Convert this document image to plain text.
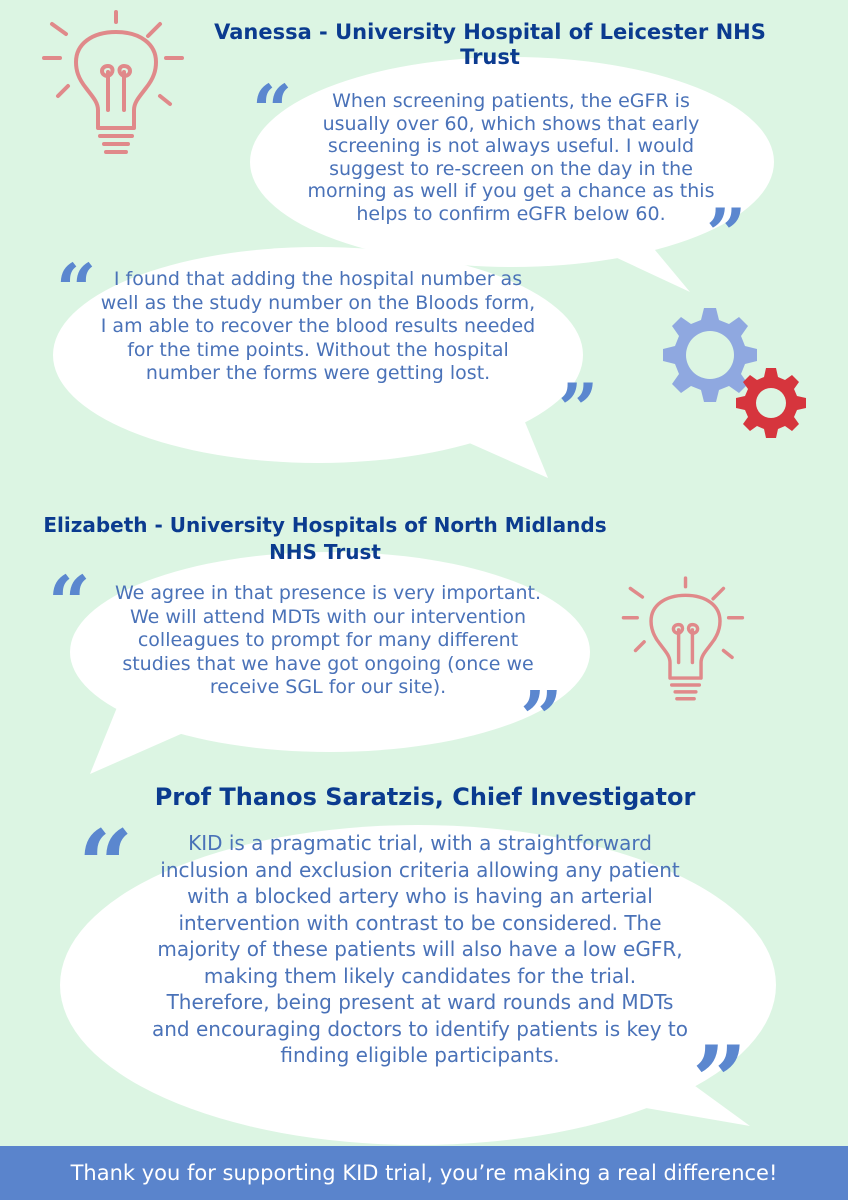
Vanessa - University Hospital of Leicester NHS Trust
“	When screening patients, the eGFR is usually over 60, which shows that early screening is not always useful. I would suggest to re-screen on the day in the morning as well if you get a chance as this helps to confirm eGFR below 60. ”
“ I found that adding the hospital number as well as the study number on the Bloods form, I am able to recover the blood results needed for the time points. Without the hospital number the forms were getting lost. ”
Elizabeth - University Hospitals of North Midlands NHS Trust
“	We agree in that presence is very important. We will attend MDTs with our intervention colleagues to prompt for many different studies that we have got ongoing (once we receive SGL for our site). ”
Prof Thanos Saratzis, Chief Investigator
“	KID is a pragmatic trial, with a straightforward inclusion and exclusion criteria allowing any patient with a blocked artery who is having an arterial intervention with contrast to be considered. The majority of these patients will also have a low eGFR, making them likely candidates for the trial. Therefore, being present at ward rounds and MDTs and encouraging doctors to identify patients is key to finding eligible participants.	”
Thank you for supporting KID trial, you’re making a real difference!
